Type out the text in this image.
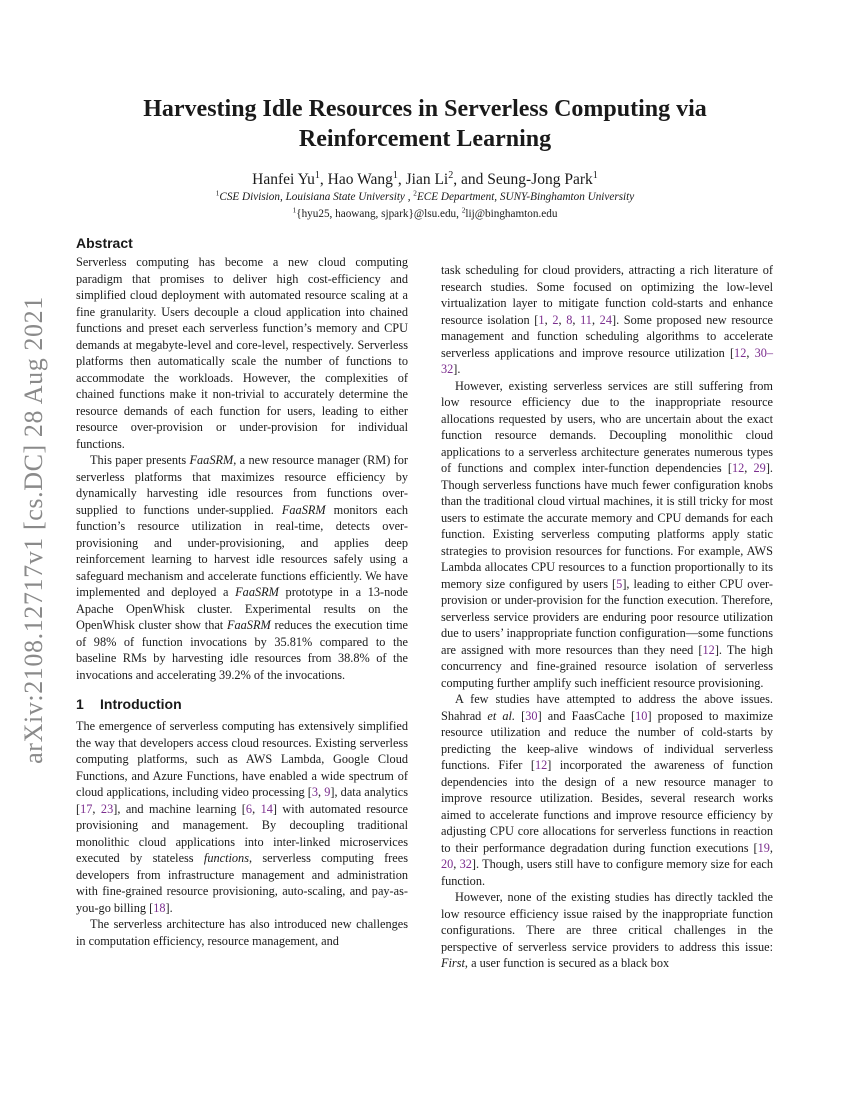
arXiv:2108.12717v1 [cs.DC] 28 Aug 2021
Harvesting Idle Resources in Serverless Computing via
Reinforcement Learning
Hanfei Yu$^1$, Hao Wang$^1$, Jian Li$^2$, and Seung-Jong Park$^1$
$^1$CSE Division, Louisiana State University , $^2$ECE Department, SUNY-Binghamton University
$^1${hyu25, haowang, sjpark}@lsu.edu, $^2$lij@binghamton.edu
Abstract

Serverless computing has become a new cloud computing paradigm that promises to deliver high cost-efficiency and simplified cloud deployment with automated resource scaling at a fine granularity. Users decouple a cloud application into chained functions and preset each serverless function’s memory and CPU demands at megabyte-level and core-level, respectively. Serverless platforms then automatically scale the number of functions to accommodate the workloads. However, the complexities of chained functions make it non-trivial to accurately determine the resource demands of each function for users, leading to either resource over-provision or under-provision for individual functions.

This paper presents FaaSRM, a new resource manager (RM) for serverless platforms that maximizes resource efficiency by dynamically harvesting idle resources from functions over-supplied to functions under-supplied. FaaSRM monitors each function’s resource utilization in real-time, detects over-provisioning and under-provisioning, and applies deep reinforcement learning to harvest idle resources safely using a safeguard mechanism and accelerate functions efficiently. We have implemented and deployed a FaaSRM prototype in a 13-node Apache OpenWhisk cluster. Experimental results on the OpenWhisk cluster show that FaaSRM reduces the execution time of 98% of function invocations by 35.81% compared to the baseline RMs by harvesting idle resources from 38.8% of the invocations and accelerating 39.2% of the invocations.

1 Introduction

The emergence of serverless computing has extensively simplified the way that developers access cloud resources. Existing serverless computing platforms, such as AWS Lambda, Google Cloud Functions, and Azure Functions, have enabled a wide spectrum of cloud applications, including video processing [3, 9], data analytics [17, 23], and machine learning [6, 14] with automated resource provisioning and management. By decoupling traditional monolithic cloud applications into inter-linked microservices executed by stateless functions, serverless computing frees developers from infrastructure management and administration with fine-grained resource provisioning, auto-scaling, and pay-as-you-go billing [18].

The serverless architecture has also introduced new challenges in computation efficiency, resource management, and

task scheduling for cloud providers, attracting a rich literature of research studies. Some focused on optimizing the low-level virtualization layer to mitigate function cold-starts and enhance resource isolation [1, 2, 8, 11, 24]. Some proposed new resource management and function scheduling algorithms to accelerate serverless applications and improve resource utilization [12, 30–32].

However, existing serverless services are still suffering from low resource efficiency due to the inappropriate resource allocations requested by users, who are uncertain about the exact function resource demands. Decoupling monolithic cloud applications to a serverless architecture generates numerous types of functions and complex inter-function dependencies [12, 29]. Though serverless functions have much fewer configuration knobs than the traditional cloud virtual machines, it is still tricky for most users to estimate the accurate memory and CPU demands for each function. Existing serverless computing platforms apply static strategies to provision resources for functions. For example, AWS Lambda allocates CPU resources to a function proportionally to its memory size configured by users [5], leading to either CPU over-provision or under-provision for the function execution. Therefore, serverless service providers are enduring poor resource utilization due to users’ inappropriate function configuration—some functions are assigned with more resources than they need [12]. The high concurrency and fine-grained resource isolation of serverless computing further amplify such inefficient resource provisioning.

A few studies have attempted to address the above issues. Shahrad et al. [30] and FaasCache [10] proposed to maximize resource utilization and reduce the number of cold-starts by predicting the keep-alive windows of individual serverless functions. Fifer [12] incorporated the awareness of function dependencies into the design of a new resource manager to improve resource utilization. Besides, several research works aimed to accelerate functions and improve resource efficiency by adjusting CPU core allocations for serverless functions in reaction to their performance degradation during function executions [19, 20, 32]. Though, users still have to configure memory size for each function.

However, none of the existing studies has directly tackled the low resource efficiency issue raised by the inappropriate function configurations. There are three critical challenges in the perspective of serverless service providers to address this issue: First, a user function is secured as a black box
